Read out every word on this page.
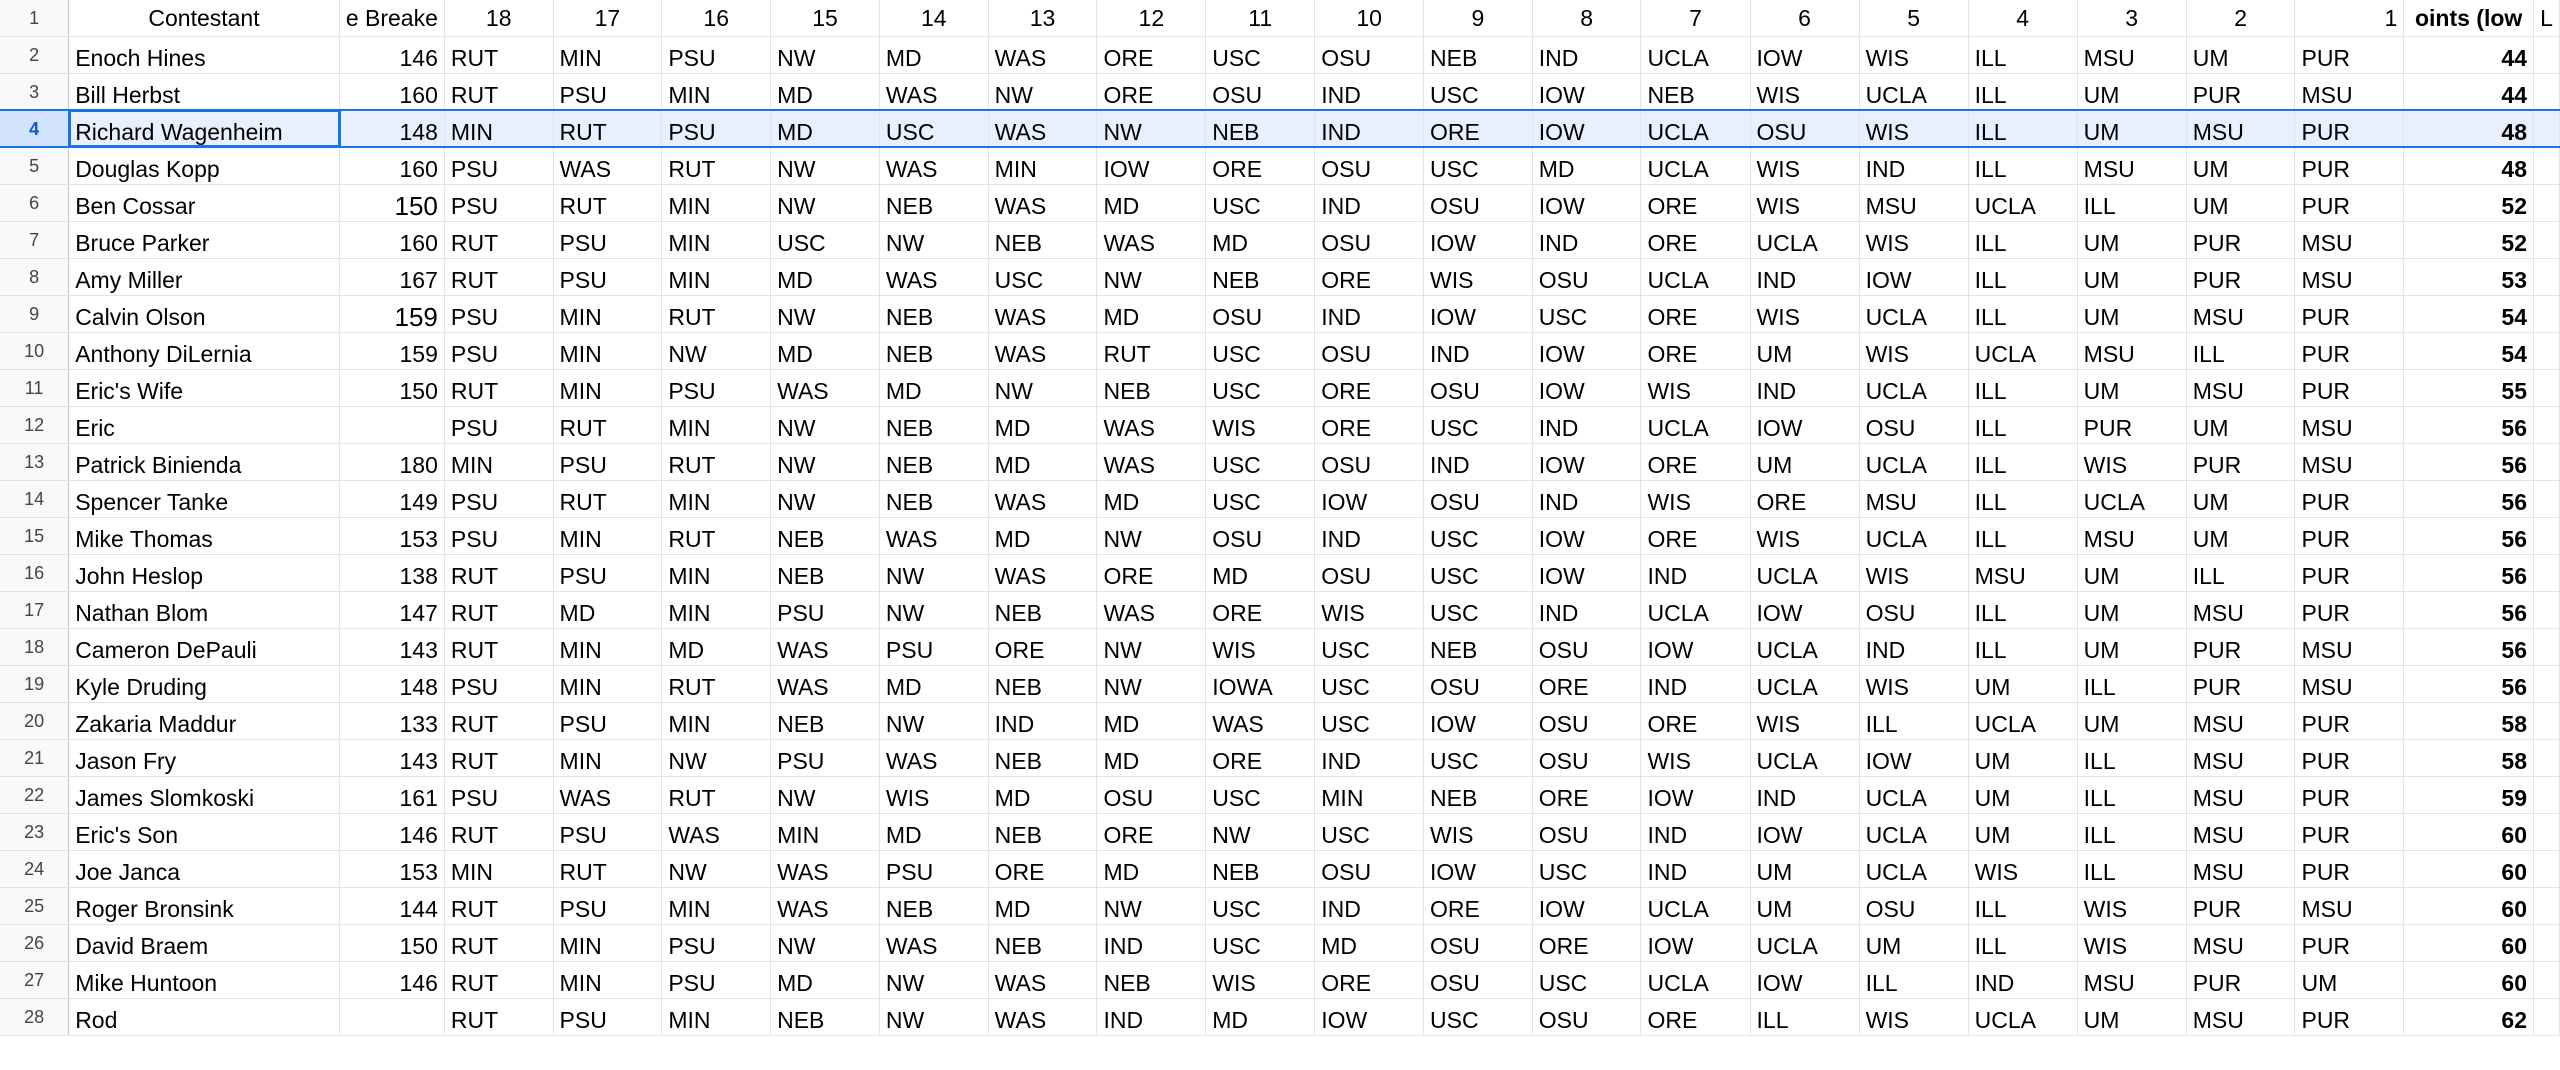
1	Contestant	e Breake	18	17	16	15	14	13	12	11	10	9	8	7	6	5	4	3	2	1	oints (low	L
2	Enoch Hines	146	RUT	MIN	PSU	NW	MD	WAS	ORE	USC	OSU	NEB	IND	UCLA	IOW	WIS	ILL	MSU	UM	PUR	44	
3	Bill Herbst	160	RUT	PSU	MIN	MD	WAS	NW	ORE	OSU	IND	USC	IOW	NEB	WIS	UCLA	ILL	UM	PUR	MSU	44	
4	Richard Wagenheim	148	MIN	RUT	PSU	MD	USC	WAS	NW	NEB	IND	ORE	IOW	UCLA	OSU	WIS	ILL	UM	MSU	PUR	48	
5	Douglas Kopp	160	PSU	WAS	RUT	NW	WAS	MIN	IOW	ORE	OSU	USC	MD	UCLA	WIS	IND	ILL	MSU	UM	PUR	48	
6	Ben Cossar	150	PSU	RUT	MIN	NW	NEB	WAS	MD	USC	IND	OSU	IOW	ORE	WIS	MSU	UCLA	ILL	UM	PUR	52	
7	Bruce Parker	160	RUT	PSU	MIN	USC	NW	NEB	WAS	MD	OSU	IOW	IND	ORE	UCLA	WIS	ILL	UM	PUR	MSU	52	
8	Amy Miller	167	RUT	PSU	MIN	MD	WAS	USC	NW	NEB	ORE	WIS	OSU	UCLA	IND	IOW	ILL	UM	PUR	MSU	53	
9	Calvin Olson	159	PSU	MIN	RUT	NW	NEB	WAS	MD	OSU	IND	IOW	USC	ORE	WIS	UCLA	ILL	UM	MSU	PUR	54	
10	Anthony DiLernia	159	PSU	MIN	NW	MD	NEB	WAS	RUT	USC	OSU	IND	IOW	ORE	UM	WIS	UCLA	MSU	ILL	PUR	54	
11	Eric's Wife	150	RUT	MIN	PSU	WAS	MD	NW	NEB	USC	ORE	OSU	IOW	WIS	IND	UCLA	ILL	UM	MSU	PUR	55	
12	Eric		PSU	RUT	MIN	NW	NEB	MD	WAS	WIS	ORE	USC	IND	UCLA	IOW	OSU	ILL	PUR	UM	MSU	56	
13	Patrick Binienda	180	MIN	PSU	RUT	NW	NEB	MD	WAS	USC	OSU	IND	IOW	ORE	UM	UCLA	ILL	WIS	PUR	MSU	56	
14	Spencer Tanke	149	PSU	RUT	MIN	NW	NEB	WAS	MD	USC	IOW	OSU	IND	WIS	ORE	MSU	ILL	UCLA	UM	PUR	56	
15	Mike Thomas	153	PSU	MIN	RUT	NEB	WAS	MD	NW	OSU	IND	USC	IOW	ORE	WIS	UCLA	ILL	MSU	UM	PUR	56	
16	John Heslop	138	RUT	PSU	MIN	NEB	NW	WAS	ORE	MD	OSU	USC	IOW	IND	UCLA	WIS	MSU	UM	ILL	PUR	56	
17	Nathan Blom	147	RUT	MD	MIN	PSU	NW	NEB	WAS	ORE	WIS	USC	IND	UCLA	IOW	OSU	ILL	UM	MSU	PUR	56	
18	Cameron DePauli	143	RUT	MIN	MD	WAS	PSU	ORE	NW	WIS	USC	NEB	OSU	IOW	UCLA	IND	ILL	UM	PUR	MSU	56	
19	Kyle Druding	148	PSU	MIN	RUT	WAS	MD	NEB	NW	IOWA	USC	OSU	ORE	IND	UCLA	WIS	UM	ILL	PUR	MSU	56	
20	Zakaria Maddur	133	RUT	PSU	MIN	NEB	NW	IND	MD	WAS	USC	IOW	OSU	ORE	WIS	ILL	UCLA	UM	MSU	PUR	58	
21	Jason Fry	143	RUT	MIN	NW	PSU	WAS	NEB	MD	ORE	IND	USC	OSU	WIS	UCLA	IOW	UM	ILL	MSU	PUR	58	
22	James Slomkoski	161	PSU	WAS	RUT	NW	WIS	MD	OSU	USC	MIN	NEB	ORE	IOW	IND	UCLA	UM	ILL	MSU	PUR	59	
23	Eric's Son	146	RUT	PSU	WAS	MIN	MD	NEB	ORE	NW	USC	WIS	OSU	IND	IOW	UCLA	UM	ILL	MSU	PUR	60	
24	Joe Janca	153	MIN	RUT	NW	WAS	PSU	ORE	MD	NEB	OSU	IOW	USC	IND	UM	UCLA	WIS	ILL	MSU	PUR	60	
25	Roger Bronsink	144	RUT	PSU	MIN	WAS	NEB	MD	NW	USC	IND	ORE	IOW	UCLA	UM	OSU	ILL	WIS	PUR	MSU	60	
26	David Braem	150	RUT	MIN	PSU	NW	WAS	NEB	IND	USC	MD	OSU	ORE	IOW	UCLA	UM	ILL	WIS	MSU	PUR	60	
27	Mike Huntoon	146	RUT	MIN	PSU	MD	NW	WAS	NEB	WIS	ORE	OSU	USC	UCLA	IOW	ILL	IND	MSU	PUR	UM	60	
28	Rod		RUT	PSU	MIN	NEB	NW	WAS	IND	MD	IOW	USC	OSU	ORE	ILL	WIS	UCLA	UM	MSU	PUR	62	
